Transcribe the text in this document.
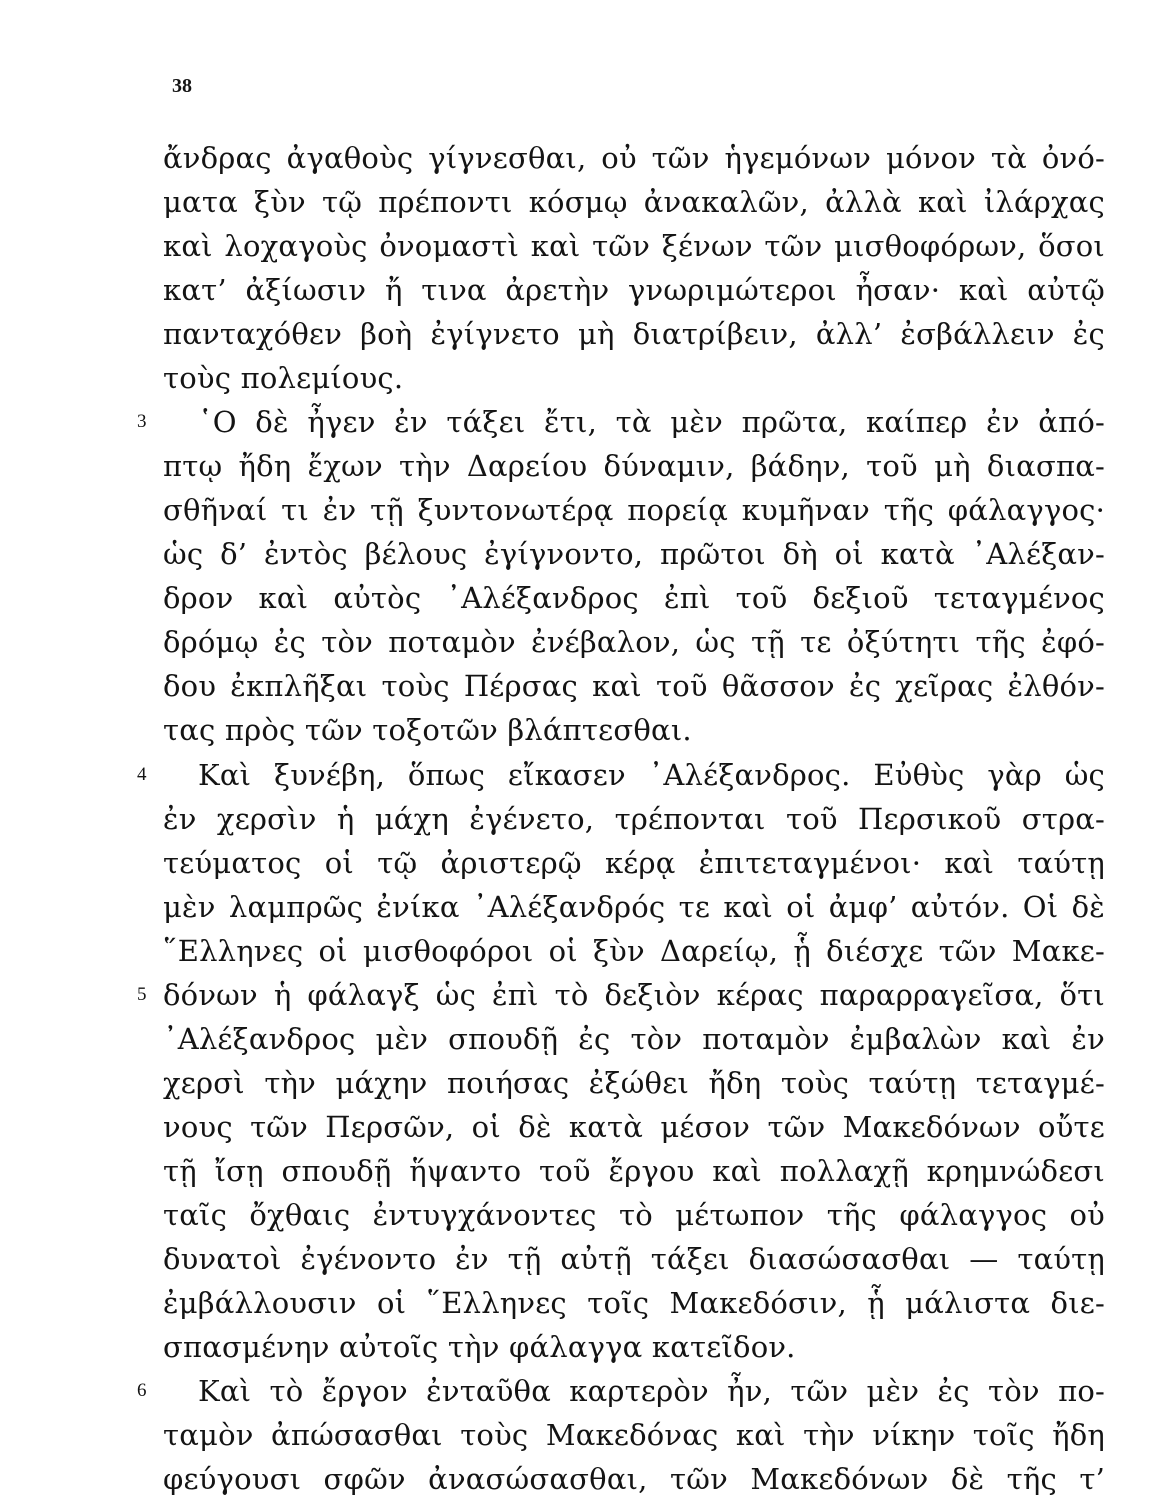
38
ἄνδρας ἀγαθοὺς γίγνεσθαι, οὐ τῶν ἡγεμόνων μόνον τὰ ὀνό-
ματα ξὺν τῷ πρέποντι κόσμῳ ἀνακαλῶν, ἀλλὰ καὶ ἰλάρχας
καὶ λοχαγοὺς ὀνομαστὶ καὶ τῶν ξένων τῶν μισθοφόρων, ὅσοι
κατ’ ἀξίωσιν ἤ τινα ἀρετὴν γνωριμώτεροι ἦσαν· καὶ αὐτῷ
πανταχόθεν βοὴ ἐγίγνετο μὴ διατρίβειν, ἀλλ’ ἐσβάλλειν ἐς
τοὺς πολεμίους.
3 ῾Ο δὲ ἦγεν ἐν τάξει ἔτι, τὰ μὲν πρῶτα, καίπερ ἐν ἀπό-
πτῳ ἤδη ἔχων τὴν Δαρείου δύναμιν, βάδην, τοῦ μὴ διασπα-
σθῆναί τι ἐν τῇ ξυντονωτέρᾳ πορείᾳ κυμῆναν τῆς φάλαγγος·
ὡς δ’ ἐντὸς βέλους ἐγίγνοντο, πρῶτοι δὴ οἱ κατὰ ᾿Αλέξαν-
δρον καὶ αὐτὸς ᾿Αλέξανδρος ἐπὶ τοῦ δεξιοῦ τεταγμένος
δρόμῳ ἐς τὸν ποταμὸν ἐνέβαλον, ὡς τῇ τε ὀξύτητι τῆς ἐφό-
δου ἐκπλῆξαι τοὺς Πέρσας καὶ τοῦ θᾶσσον ἐς χεῖρας ἐλθόν-
τας πρὸς τῶν τοξοτῶν βλάπτεσθαι.
4 Καὶ ξυνέβη, ὅπως εἴκασεν ᾿Αλέξανδρος. Εὐθὺς γὰρ ὡς
ἐν χερσὶν ἡ μάχη ἐγένετο, τρέπονται τοῦ Περσικοῦ στρα-
τεύματος οἱ τῷ ἀριστερῷ κέρᾳ ἐπιτεταγμένοι· καὶ ταύτῃ
μὲν λαμπρῶς ἐνίκα ᾿Αλέξανδρός τε καὶ οἱ ἀμφ’ αὐτόν. Οἱ δὲ
῞Ελληνες οἱ μισθοφόροι οἱ ξὺν Δαρείῳ, ᾗ διέσχε τῶν Μακε-
5 δόνων ἡ φάλαγξ ὡς ἐπὶ τὸ δεξιὸν κέρας παραρραγεῖσα, ὅτι
᾿Αλέξανδρος μὲν σπουδῇ ἐς τὸν ποταμὸν ἐμβαλὼν καὶ ἐν
χερσὶ τὴν μάχην ποιήσας ἐξώθει ἤδη τοὺς ταύτῃ τεταγμέ-
νους τῶν Περσῶν, οἱ δὲ κατὰ μέσον τῶν Μακεδόνων οὔτε
τῇ ἴσῃ σπουδῇ ἥψαντο τοῦ ἔργου καὶ πολλαχῇ κρημνώδεσι
ταῖς ὄχθαις ἐντυγχάνοντες τὸ μέτωπον τῆς φάλαγγος οὐ
δυνατοὶ ἐγένοντο ἐν τῇ αὐτῇ τάξει διασώσασθαι — ταύτῃ
ἐμβάλλουσιν οἱ ῞Ελληνες τοῖς Μακεδόσιν, ᾗ μάλιστα διε-
σπασμένην αὐτοῖς τὴν φάλαγγα κατεῖδον.
6 Καὶ τὸ ἔργον ἐνταῦθα καρτερὸν ἦν, τῶν μὲν ἐς τὸν πο-
ταμὸν ἀπώσασθαι τοὺς Μακεδόνας καὶ τὴν νίκην τοῖς ἤδη
φεύγουσι σφῶν ἀνασώσασθαι, τῶν Μακεδόνων δὲ τῆς τ’
